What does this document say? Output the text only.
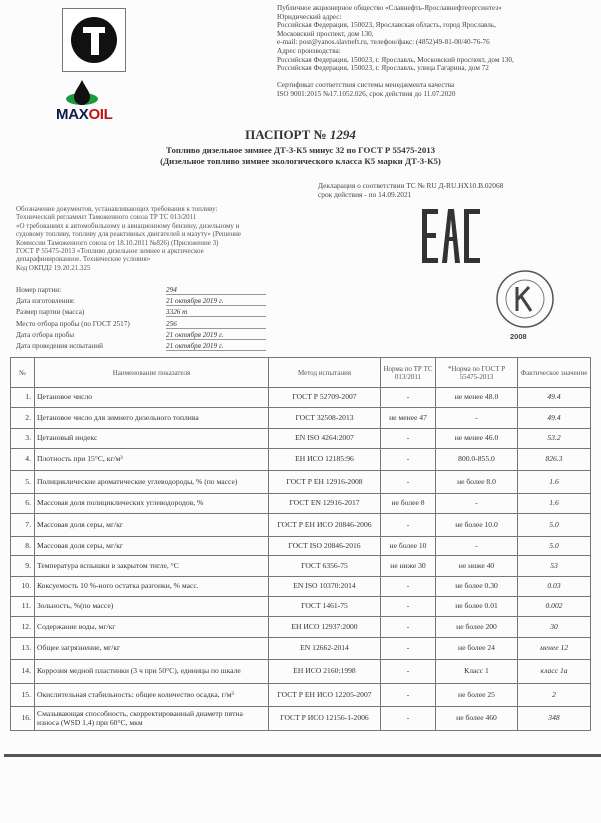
MAXOIL
Публичное акционерное общество «Славнефть-Ярославнефтеоргсинтез»
Юридический адрес:
Российская Федерация, 150023, Ярославская область, город Ярославль,
Московский проспект, дом 130,
e-mail: post@yanos.slavneft.ru, телефон/факс: (4852)49-81-00/40-76-76
Адрес производства:
Российская Федерация, 150023, г. Ярославль, Московский проспект, дом 130,
Российская Федерация, 150023, г. Ярославль, улица Гагарина, дом 72
Сертификат соответствия системы менеджмента качества
ISO 9001:2015 №17.1052.026, срок действия до 11.07.2020
ПАСПОРТ № 1294
Топливо дизельное зимнее ДТ-3-К5 минус 32 по ГОСТ Р 55475-2013
(Дизельное топливо зимнее экологического класса К5 марки ДТ-3-К5)
Декларация о соответствии ТС № RU Д-RU.HX10.В.02068
срок действия - по 14.09.2021
Обозначение документов, устанавливающих требования к топливу:
Технический регламент Таможенного союза ТР ТС 013/2011
«О требованиях к автомобильному и авиационному бензину, дизельному и
судовому топливу, топливу для реактивных двигателей и мазуту» (Решение
Комиссии Таможенного союза от 18.10.2011 №826) (Приложение 3)
ГОСТ Р 55475-2013 «Топливо дизельное зимнее и арктическое
депарафинированное. Технические условия»
Код ОКПД2 19.20.21.325
EAC
2008
Номер партии:	294
Дата изготовления:	21 октября 2019 г.
Размер партии (масса)	3326 т
Место отбора пробы (по ГОСТ 2517)	256
Дата отбора пробы	21 октября 2019 г.
Дата проведения испытаний	21 октября 2019 г.
№	Наименование показателя	Метод испытания	Норма по ТР ТС 013/2011	*Норма по ГОСТ Р 55475-2013	Фактическое значение
1.	Цетановое число	ГОСТ Р 52709-2007	-	не менее 48.0	49.4
2.	Цетановое число для зимнего дизельного топлива	ГОСТ 32508-2013	не менее 47	-	49.4
3.	Цетановый индекс	EN ISO 4264:2007	-	не менее 46.0	53.2
4.	Плотность при 15°С, кг/м³	ЕН ИСО 12185:96	-	800.0-855.0	826.3
5.	Полициклические ароматические углеводороды, % (по массе)	ГОСТ Р ЕН 12916-2008	-	не более 8.0	1.6
6.	Массовая доля полициклических углеводородов, %	ГОСТ EN 12916-2017	не более 8	-	1.6
7.	Массовая доля серы, мг/кг	ГОСТ Р ЕН ИСО 20846-2006	-	не более 10.0	5.0
8.	Массовая доля серы, мг/кг	ГОСТ ISO 20846-2016	не более 10	-	5.0
9.	Температура вспышки в закрытом тигле, °С	ГОСТ 6356-75	не ниже 30	не ниже 40	53
10.	Коксуемость 10 %-ного остатка разгонки, % масс.	EN ISO 10370:2014	-	не более 0.30	0.03
11.	Зольность, %(по массе)	ГОСТ 1461-75	-	не более 0.01	0.002
12.	Содержание воды, мг/кг	ЕН ИСО 12937:2000	-	не более 200	30
13.	Общее загрязнение, мг/кг	EN 12662-2014	-	не более 24	менее 12
14.	Коррозия медной пластинки (3 ч при 50°С), единицы по шкале	ЕН ИСО 2160:1998	-	Класс 1	класс 1а
15.	Окислительная стабильность: общее количество осадка, г/м³	ГОСТ Р ЕН ИСО 12205-2007	-	не более 25	2
16.	Смазывающая способность, скорректированный диаметр пятна износа (WSD 1,4) при 60°С, мкм	ГОСТ Р ИСО 12156-1-2006	-	не более 460	348
